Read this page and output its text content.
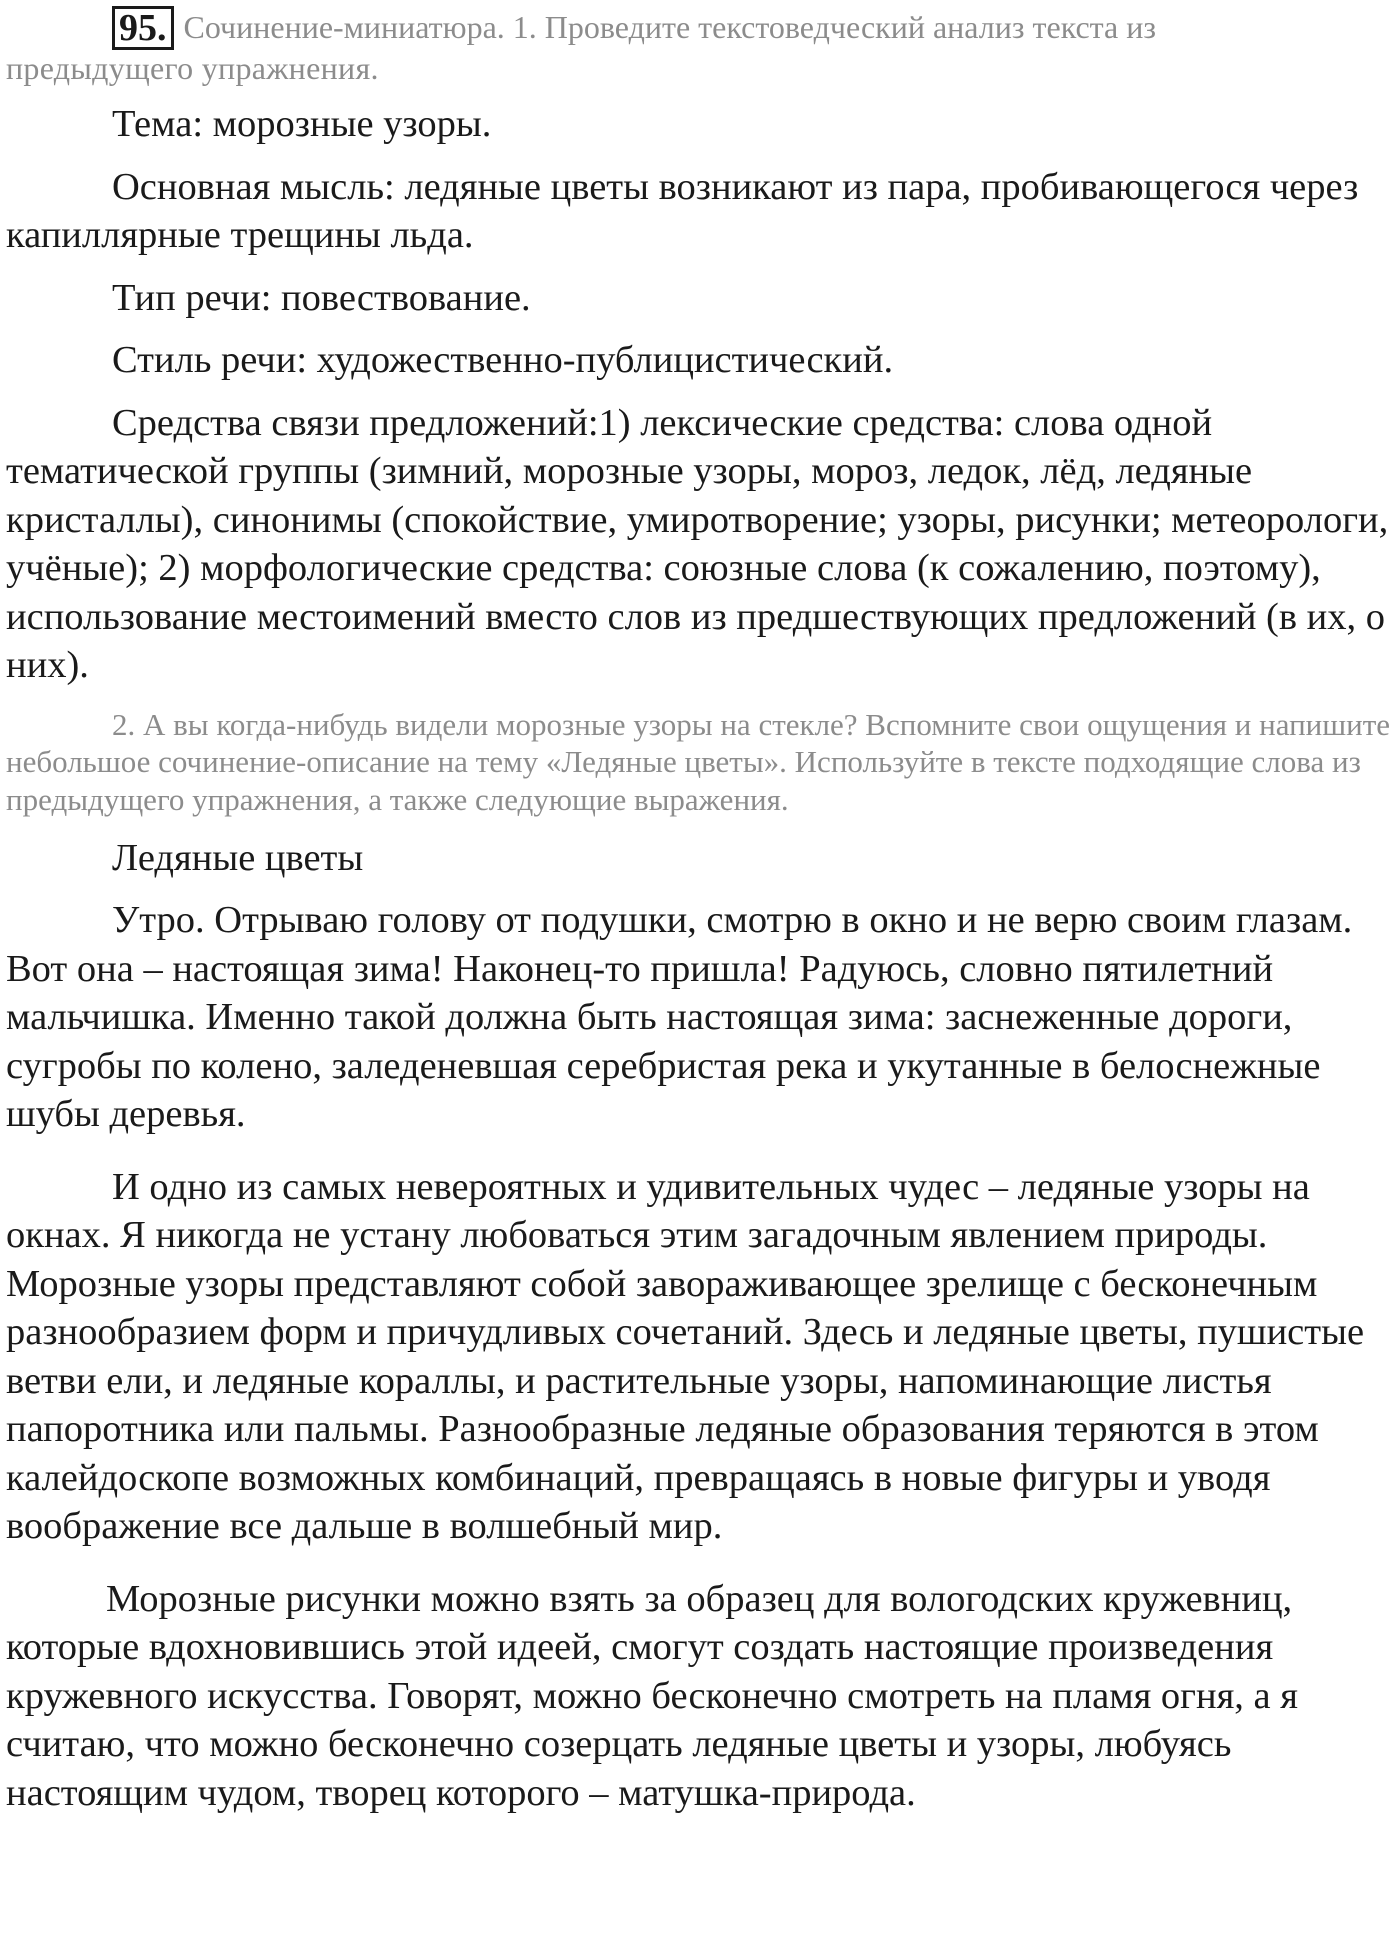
95. Сочинение-миниатюра. 1. Проведите текстоведческий анализ текста из
предыдущего упражнения.

Тема: морозные узоры.

Основная мысль: ледяные цветы возникают из пара, пробивающегося через капиллярные трещины льда.

Тип речи: повествование.

Стиль речи: художественно-публицистический.

Средства связи предложений:1) лексические средства: слова одной тематической группы (зимний, морозные узоры, мороз, ледок, лёд, ледяные кристаллы), синонимы (спокойствие, умиротворение; узоры, рисунки; метеорологи, учёные); 2) морфологические средства: союзные слова (к сожалению, поэтому), использование местоимений вместо слов из предшествующих предложений (в их, о них).

2. А вы когда-нибудь видели морозные узоры на стекле? Вспомните свои ощущения и напишите небольшое сочинение-описание на тему «Ледяные цветы». Используйте в тексте подходящие слова из предыдущего упражнения, а также следующие выражения.

Ледяные цветы

Утро. Отрываю голову от подушки, смотрю в окно и не верю своим глазам. Вот она – настоящая зима! Наконец-то пришла! Радуюсь, словно пятилетний мальчишка. Именно такой должна быть настоящая зима: заснеженные дороги, сугробы по колено, заледеневшая серебристая река и укутанные в белоснежные шубы деревья.

И одно из самых невероятных и удивительных чудес – ледяные узоры на окнах. Я никогда не устану любоваться этим загадочным явлением природы. Морозные узоры представляют собой завораживающее зрелище с бесконечным разнообразием форм и причудливых сочетаний. Здесь и ледяные цветы, пушистые ветви ели, и ледяные кораллы, и растительные узоры, напоминающие листья папоротника или пальмы. Разнообразные ледяные образования теряются в этом калейдоскопе возможных комбинаций, превращаясь в новые фигуры и уводя воображение все дальше в волшебный мир.

Морозные рисунки можно взять за образец для вологодских кружевниц, которые вдохновившись этой идеей, смогут создать настоящие произведения кружевного искусства. Говорят, можно бесконечно смотреть на пламя огня, а я считаю, что можно бесконечно созерцать ледяные цветы и узоры, любуясь настоящим чудом, творец которого – матушка-природа.
